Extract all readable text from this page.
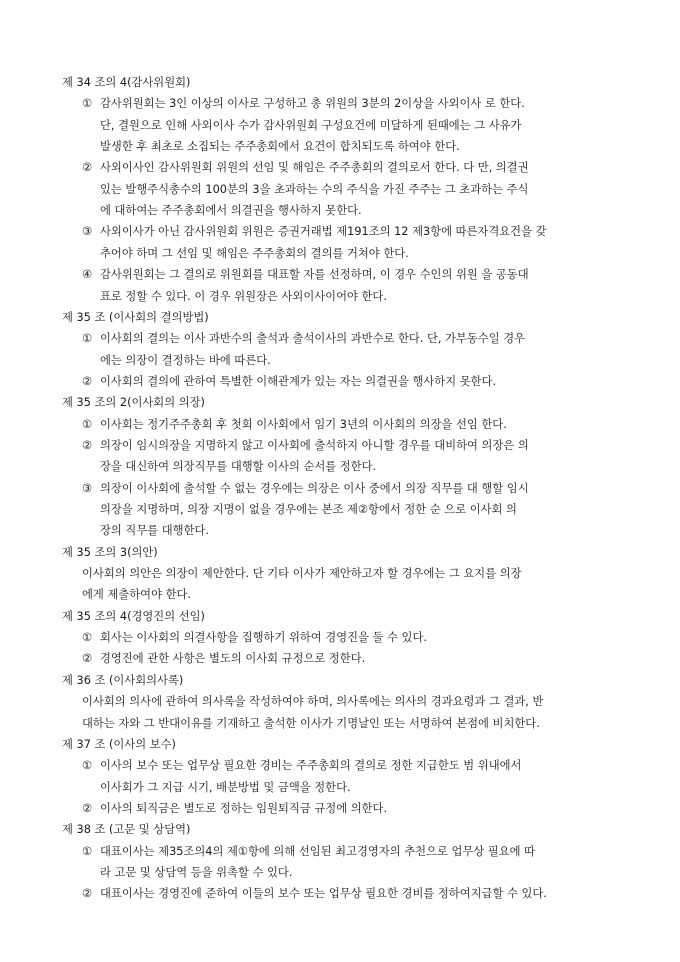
제 34 조의 4(감사위원회)
① 감사위원회는 3인 이상의 이사로 구성하고 총 위원의 3분의 2이상을 사외이사 로 한다.
단, 결원으로 인해 사외이사 수가 감사위원회 구성요건에 미달하게 된때에는 그 사유가
발생한 후 최초로 소집되는 주주총회에서 요건이 합치되도록 하여야 한다.
② 사외이사인 감사위원회 위원의 선임 및 해임은 주주총회의 결의로서 한다. 다 만, 의결권
있는 발행주식총수의 100분의 3을 초과하는 수의 주식을 가진 주주는 그 초과하는 주식
에 대하여는 주주총회에서 의결권을 행사하지 못한다.
③ 사외이사가 아닌 감사위원회 위원은 증권거래법 제191조의 12 제3항에 따른자격요건을 갖
추어야 하며 그 선임 및 해임은 주주총회의 결의를 거쳐야 한다.
④ 감사위원회는 그 결의로 위원회를 대표할 자를 선정하며, 이 경우 수인의 위원 을 공동대
표로 정할 수 있다. 이 경우 위원장은 사외이사이어야 한다.
제 35 조 (이사회의 결의방법)
① 이사회의 결의는 이사 과반수의 출석과 출석이사의 과반수로 한다. 단, 가부동수일 경우
에는 의장이 결정하는 바에 따른다.
② 이사회의 결의에 관하여 특별한 이해관계가 있는 자는 의결권을 행사하지 못한다.
제 35 조의 2(이사회의 의장)
① 이사회는 정기주주총회 후 첫회 이사회에서 임기 3년의 이사회의 의장을 선임 한다.
② 의장이 임시의장을 지명하지 않고 이사회에 출석하지 아니할 경우를 대비하여 의장은 의
장을 대신하여 의장직무를 대행할 이사의 순서를 정한다.
③ 의장이 이사회에 출석할 수 없는 경우에는 의장은 이사 중에서 의장 직무를 대 행할 임시
의장을 지명하며, 의장 지명이 없을 경우에는 본조 제②항에서 정한 순 으로 이사회 의
장의 직무를 대행한다.
제 35 조의 3(의안)
이사회의 의안은 의장이 제안한다. 단 기타 이사가 제안하고자 할 경우에는 그 요지를 의장
에게 제출하여야 한다.
제 35 조의 4(경영진의 선임)
① 회사는 이사회의 의결사항을 집행하기 위하여 경영진을 둘 수 있다.
② 경영진에 관한 사항은 별도의 이사회 규정으로 정한다.
제 36 조 (이사회의사록)
이사회의 의사에 관하여 의사록을 작성하여야 하며, 의사록에는 의사의 경과요령과 그 결과, 반
대하는 자와 그 반대이유를 기재하고 출석한 이사가 기명날인 또는 서명하여 본점에 비치한다.
제 37 조 (이사의 보수)
① 이사의 보수 또는 업무상 필요한 경비는 주주총회의 결의로 정한 지급한도 범 위내에서
이사회가 그 지급 시기, 배분방법 및 금액을 정한다.
② 이사의 퇴직금은 별도로 정하는 임원퇴직금 규정에 의한다.
제 38 조 (고문 및 상담역)
① 대표이사는 제35조의4의 제①항에 의해 선임된 최고경영자의 추천으로 업무상 필요에 따
라 고문 및 상담역 등을 위촉할 수 있다.
② 대표이사는 경영진에 준하여 이들의 보수 또는 업무상 필요한 경비를 정하여지급할 수 있다.
